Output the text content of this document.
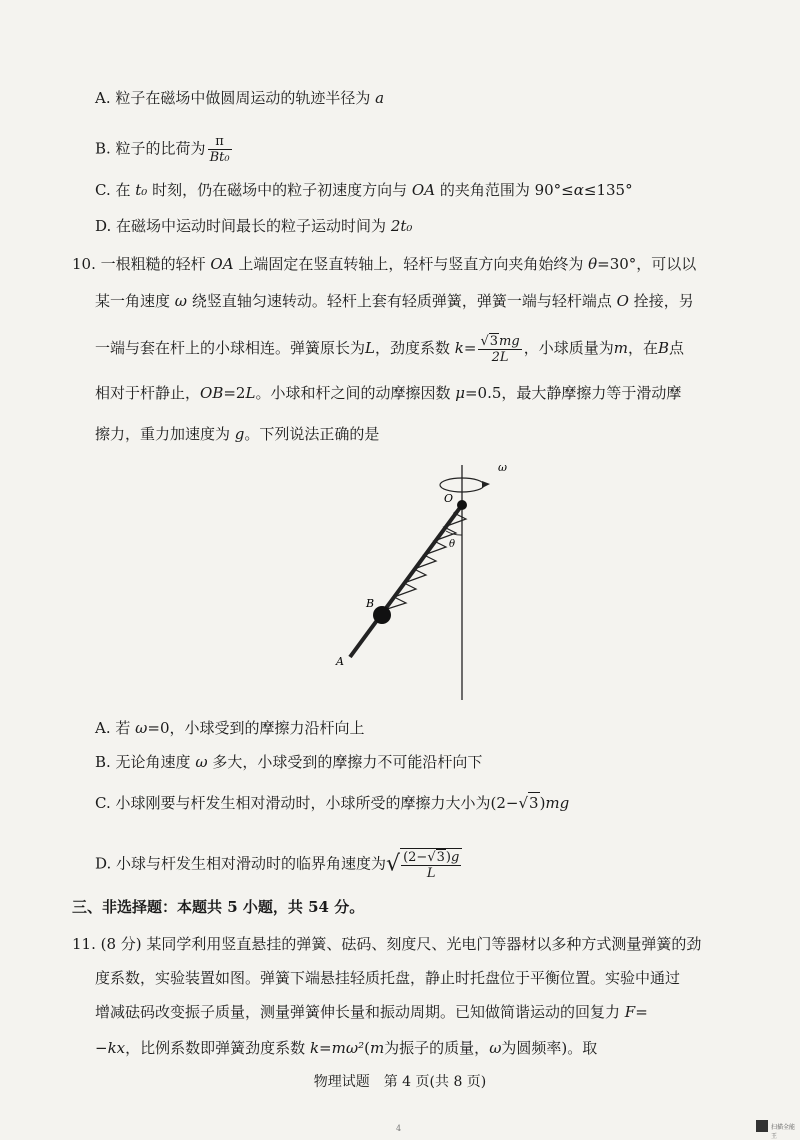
A. 粒子在磁场中做圆周运动的轨迹半径为 a
B. 粒子的比荷为 $\frac{\pi}{\text{Bt₀}}$
C. 在 t₀ 时刻，仍在磁场中的粒子初速度方向与 OA 的夹角范围为 90°≤α≤135°
D. 在磁场中运动时间最长的粒子运动时间为 2t₀
10. 一根粗糙的轻杆 OA 上端固定在竖直转轴上，轻杆与竖直方向夹角始终为 θ=30°，可以以
某一角速度 ω 绕竖直轴匀速转动。轻杆上套有轻质弹簧，弹簧一端与轻杆端点 O 拴接，另
一端与套在杆上的小球相连。弹簧原长为L，劲度系数 $k= \frac{√3mg}{2L}$ ，小球质量为m，在B点
相对于杆静止，OB=2L。小球和杆之间的动摩擦因数 μ=0.5，最大静摩擦力等于滑动摩
擦力，重力加速度为 g。下列说法正确的是
ω
O
θ
B
A
A. 若 ω=0，小球受到的摩擦力沿杆向上
B. 无论角速度 ω 多大，小球受到的摩擦力不可能沿杆向下
C. 小球刚要与杆发生相对滑动时，小球所受的摩擦力大小为(2−√3)mg
D. 小球与杆发生相对滑动时的临界角速度为√ $\frac{(2-√3)g}{L}$
三、非选择题：本题共 5 小题，共 54 分。
11. (8 分) 某同学利用竖直悬挂的弹簧、砝码、刻度尺、光电门等器材以多种方式测量弹簧的劲
度系数，实验装置如图。弹簧下端悬挂轻质托盘，静止时托盘位于平衡位置。实验中通过
增减砝码改变振子质量，测量弹簧伸长量和振动周期。已知做简谐运动的回复力 F=
−kx，比例系数即弹簧劲度系数 k=mω²(m为振子的质量，ω为圆频率)。取
物理试题　第 4 页(共 8 页)
4	扫描全能王
